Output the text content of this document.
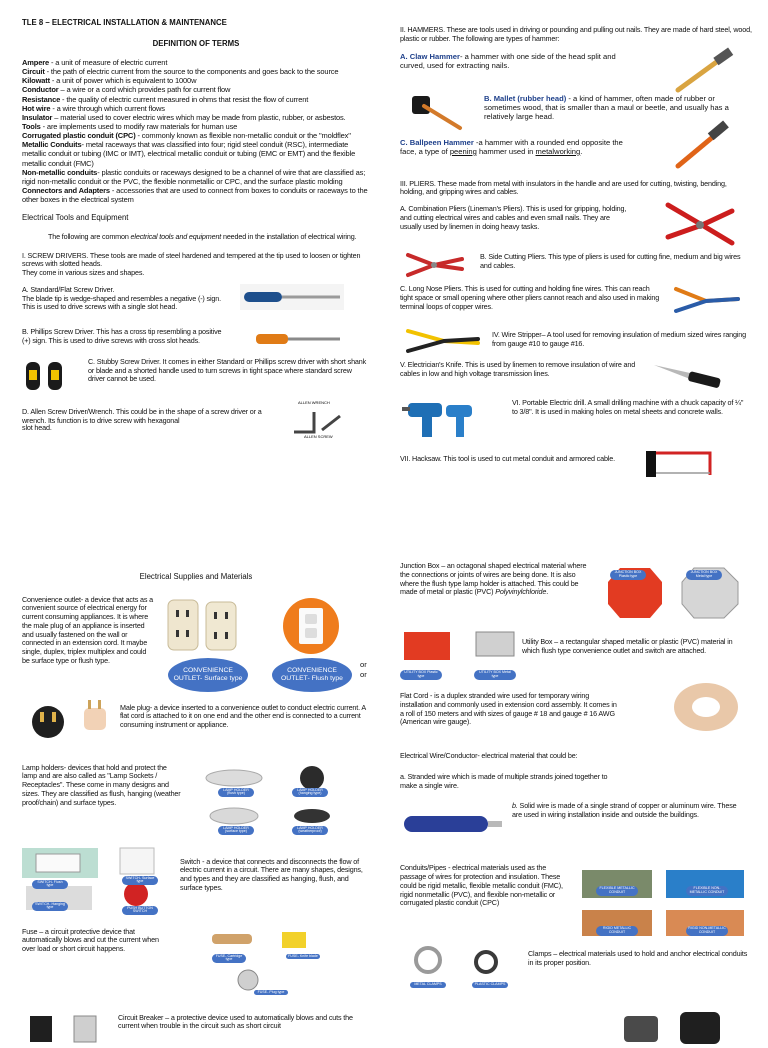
TLE 8 – ELECTRICAL INSTALLATION & MAINTENANCE
DEFINITION OF TERMS
Ampere - a unit of measure of electric current
Circuit - the path of electric current from the source to the components and goes back to the source
Kilowatt - a unit of power which is equivalent to 1000w
Conductor – a wire or a cord which provides path for current flow
Resistance - the quality of electric current measured in ohms that resist the flow of current
Hot wire - a wire through which current flows
Insulator – material used to cover electric wires which may be made from plastic, rubber, or asbestos.
Tools - are implements used to modify raw materials for human use
Corrugated plastic conduit (CPC) - commonly known as flexible non-metallic conduit or the "moldflex"
Metallic Conduits- metal raceways that was classified into four; rigid steel conduit (RSC), intermediate metallic conduit or tubing (IMC or IMT), electrical metallic conduit or tubing (EMC or EMT) and the flexible metallic conduit (FMC)
Non-metallic conduits- plastic conduits or raceways designed to be a channel of wire that are classified as; rigid non-metallic conduit or the PVC, the flexible nonmetallic or CPC, and the surface plastic molding
Connectors and Adapters - accessories that are used to connect from boxes to conduits or raceways to the other boxes in the electrical system
Electrical Tools and Equipment
The following are common electrical tools and equipment needed in the installation of electrical wiring.
I. SCREW DRIVERS. These tools are made of steel hardened and tempered at the tip used to loosen or tighten screws with slotted heads.
They come in various sizes and shapes.
A. Standard/Flat Screw Driver.
The blade tip is wedge-shaped and resembles a negative (-) sign. This is used to drive screws with a single slot head.
B. Phillips Screw Driver. This has a cross tip resembling a positive (+) sign. This is used to drive screws with cross slot heads.
C. Stubby Screw Driver. It comes in either Standard or Phillips screw driver with short shank or blade and a shorted handle used to turn screws in tight space where standard screw driver cannot be used.
D. Allen Screw Driver/Wrench. This could be in the shape of a screw driver or a wrench. Its function is to drive screw with hexagonal
slot head.
ALLEN WRENCH
ALLEN SCREW
II. HAMMERS. These are tools used in driving or pounding and pulling out nails. They are made of hard steel, wood, plastic or rubber. The following are types of hammer:
A. Claw Hammer- a hammer with one side of the head split and curved, used for extracting nails.
B. Mallet (rubber head) - a kind of hammer, often made of rubber or sometimes wood, that is smaller than a maul or beetle, and usually has a relatively large head.
C. Ballpeen Hammer -a hammer with a rounded end opposite the face, a type of peening hammer used in metalworking.
III. PLIERS. These made from metal with insulators in the handle and are used for cutting, twisting, bending, holding, and gripping wires and cables.
A. Combination Pliers (Lineman's Pliers). This is used for gripping, holding, and cutting electrical wires and cables and even small nails. They are usually used by linemen in doing heavy tasks.
B. Side Cutting Pliers. This type of pliers is used for cutting fine, medium and big wires and cables.
C. Long Nose Pliers. This is used for cutting and holding fine wires. This can reach tight space or small opening where other pliers cannot reach and also used in making terminal loops of copper wires.
IV. Wire Stripper– A tool used for removing insulation of medium sized wires ranging from gauge #10 to gauge #16.
V. Electrician's Knife. This is used by linemen to remove insulation of wire and cables in low and high voltage transmission lines.
VI. Portable Electric drill. A small drilling machine with a chuck capacity of ¼" to 3/8". It is used in making holes on metal sheets and concrete walls.
VII. Hacksaw. This tool is used to cut metal conduit and armored cable.
Electrical Supplies and Materials
Convenience outlet- a device that acts as a convenient source of electrical energy for current consuming appliances. It is where the male plug of an appliance is inserted and usually fastened on the wall or connected in an extension cord. It maybe single, duplex, triplex multiplex and could be surface type or flush type.
CONVENIENCE OUTLET- Surface type
CONVENIENCE OUTLET- Flush type
or
or
Male plug- a device inserted to a convenience outlet to conduct electric current. A flat cord is attached to it on one end and the other end is connected to a current consuming instrument or appliance.
Lamp holders- devices that hold and protect the lamp and are also called as "Lamp Sockets / Receptacles". These come in many designs and sizes. They are classified as flush, hanging (weather proof/chain) and surface types.
LAMP HOLDER (flush type)
LAMP HOLDER (hanging type)
LAMP HOLDER (surface type)
LAMP HOLDER (weatherproof)
SWITCH- Flush type
SWITCH- Surface type
SWITCH- Hanging type	PUSH BUTTON SWITCH
Switch - a device that connects and disconnects the flow of electric current in a circuit. There are many shapes, designs, and types and they are classified as hanging, flush, and surface types.
Fuse – a circuit protective device that automatically blows and cut the current when over load or short circuit happens.
FUSE- Cartridge type
FUSE- Knife blade
FUSE- Plug type
Circuit Breaker – a protective device used to automatically blows and cuts the current when trouble in the circuit such as short circuit
Junction Box – an octagonal shaped electrical material where the connections or joints of wires are being done. It is also where the flush type lamp holder is attached. This could be made of metal or plastic (PVC) Polyvinylchloride.
JUNCTION BOX Plastic type
JUNCTION BOX Metal type
UTILITY BOX Plastic type
UTILITY BOX Metal type
Utility Box – a rectangular shaped metallic or plastic (PVC) material in which flush type convenience outlet and switch are attached.
Flat Cord - is a duplex stranded wire used for temporary wiring installation and commonly used in extension cord assembly. It comes in a roll of 150 meters and with sizes of gauge # 18 and gauge # 16 AWG (American wire gauge).
Electrical Wire/Conductor- electrical material that could be:
a. Stranded wire which is made of multiple strands joined together to make a single wire.
b. Solid wire is made of a single strand of copper or aluminum wire. These are used in wiring installation inside and outside the buildings.
Conduits/Pipes - electrical materials used as the passage of wires for protection and insulation. These could be rigid metallic, flexible metallic conduit (FMC), rigid nonmetallic (PVC), and flexible non-metallic or corrugated plastic conduit (CPC)
FLEXIBLE METALLIC CONDUIT
FLEXIBLE NON-METALLIC CONDUIT
RIGID METALLIC CONDUIT
RIGID NON-METALLIC CONDUIT
METAL CLAMPS	PLASTIC CLAMPS
Clamps – electrical materials used to hold and anchor electrical conduits in its proper position.
